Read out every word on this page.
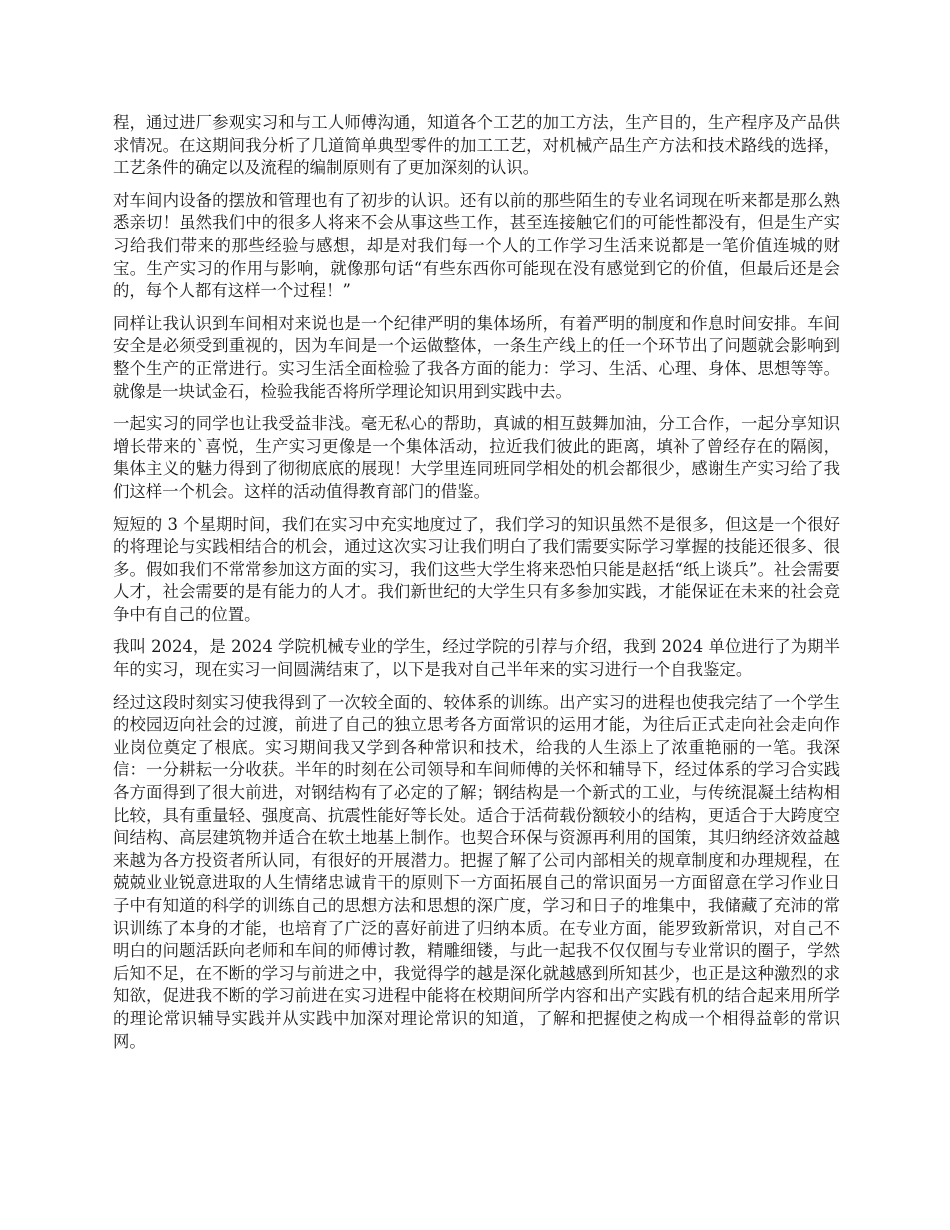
程，通过进厂参观实习和与工人师傅沟通，知道各个工艺的加工方法，生产目的，生产程序及产品供求情况。在这期间我分析了几道简单典型零件的加工工艺，对机械产品生产方法和技术路线的选择，工艺条件的确定以及流程的编制原则有了更加深刻的认识。

对车间内设备的摆放和管理也有了初步的认识。还有以前的那些陌生的专业名词现在听来都是那么熟悉亲切！虽然我们中的很多人将来不会从事这些工作，甚至连接触它们的可能性都没有，但是生产实习给我们带来的那些经验与感想，却是对我们每一个人的工作学习生活来说都是一笔价值连城的财宝。生产实习的作用与影响，就像那句话“有些东西你可能现在没有感觉到它的价值，但最后还是会的，每个人都有这样一个过程！”

同样让我认识到车间相对来说也是一个纪律严明的集体场所，有着严明的制度和作息时间安排。车间安全是必须受到重视的，因为车间是一个运做整体，一条生产线上的任一个环节出了问题就会影响到整个生产的正常进行。实习生活全面检验了我各方面的能力：学习、生活、心理、身体、思想等等。就像是一块试金石，检验我能否将所学理论知识用到实践中去。

一起实习的同学也让我受益非浅。毫无私心的帮助，真诚的相互鼓舞加油，分工合作，一起分享知识增长带来的`喜悦，生产实习更像是一个集体活动，拉近我们彼此的距离，填补了曾经存在的隔阂，集体主义的魅力得到了彻彻底底的展现！大学里连同班同学相处的机会都很少，感谢生产实习给了我们这样一个机会。这样的活动值得教育部门的借鉴。

短短的 3 个星期时间，我们在实习中充实地度过了，我们学习的知识虽然不是很多，但这是一个很好的将理论与实践相结合的机会，通过这次实习让我们明白了我们需要实际学习掌握的技能还很多、很多。假如我们不常常参加这方面的实习，我们这些大学生将来恐怕只能是赵括“纸上谈兵”。社会需要人才，社会需要的是有能力的人才。我们新世纪的大学生只有多参加实践，才能保证在未来的社会竞争中有自己的位置。

我叫 2024，是 2024 学院机械专业的学生，经过学院的引荐与介绍，我到 2024 单位进行了为期半年的实习，现在实习一间圆满结束了，以下是我对自己半年来的实习进行一个自我鉴定。

经过这段时刻实习使我得到了一次较全面的、较体系的训练。出产实习的进程也使我完结了一个学生的校园迈向社会的过渡，前进了自己的独立思考各方面常识的运用才能，为往后正式走向社会走向作业岗位奠定了根底。实习期间我又学到各种常识和技术，给我的人生添上了浓重艳丽的一笔。我深信：一分耕耘一分收获。半年的时刻在公司领导和车间师傅的关怀和辅导下，经过体系的学习合实践各方面得到了很大前进，对钢结构有了必定的了解；钢结构是一个新式的工业，与传统混凝土结构相比较，具有重量轻、强度高、抗震性能好等长处。适合于活荷载份额较小的结构，更适合于大跨度空间结构、高层建筑物并适合在软土地基上制作。也契合环保与资源再利用的国策，其归纳经济效益越来越为各方投资者所认同，有很好的开展潜力。把握了解了公司内部相关的规章制度和办理规程，在兢兢业业锐意进取的人生情绪忠诚肯干的原则下一方面拓展自己的常识面另一方面留意在学习作业日子中有知道的科学的训练自己的思想方法和思想的深广度，学习和日子的堆集中，我储藏了充沛的常识训练了本身的才能，也培育了广泛的喜好前进了归纳本质。在专业方面，能罗致新常识，对自己不明白的问题活跃向老师和车间的师傅讨教，精雕细镂，与此一起我不仅仅囿与专业常识的圈子，学然后知不足，在不断的学习与前进之中，我觉得学的越是深化就越感到所知甚少，也正是这种激烈的求知欲，促进我不断的学习前进在实习进程中能将在校期间所学内容和出产实践有机的结合起来用所学的理论常识辅导实践并从实践中加深对理论常识的知道，了解和把握使之构成一个相得益彰的常识网。
